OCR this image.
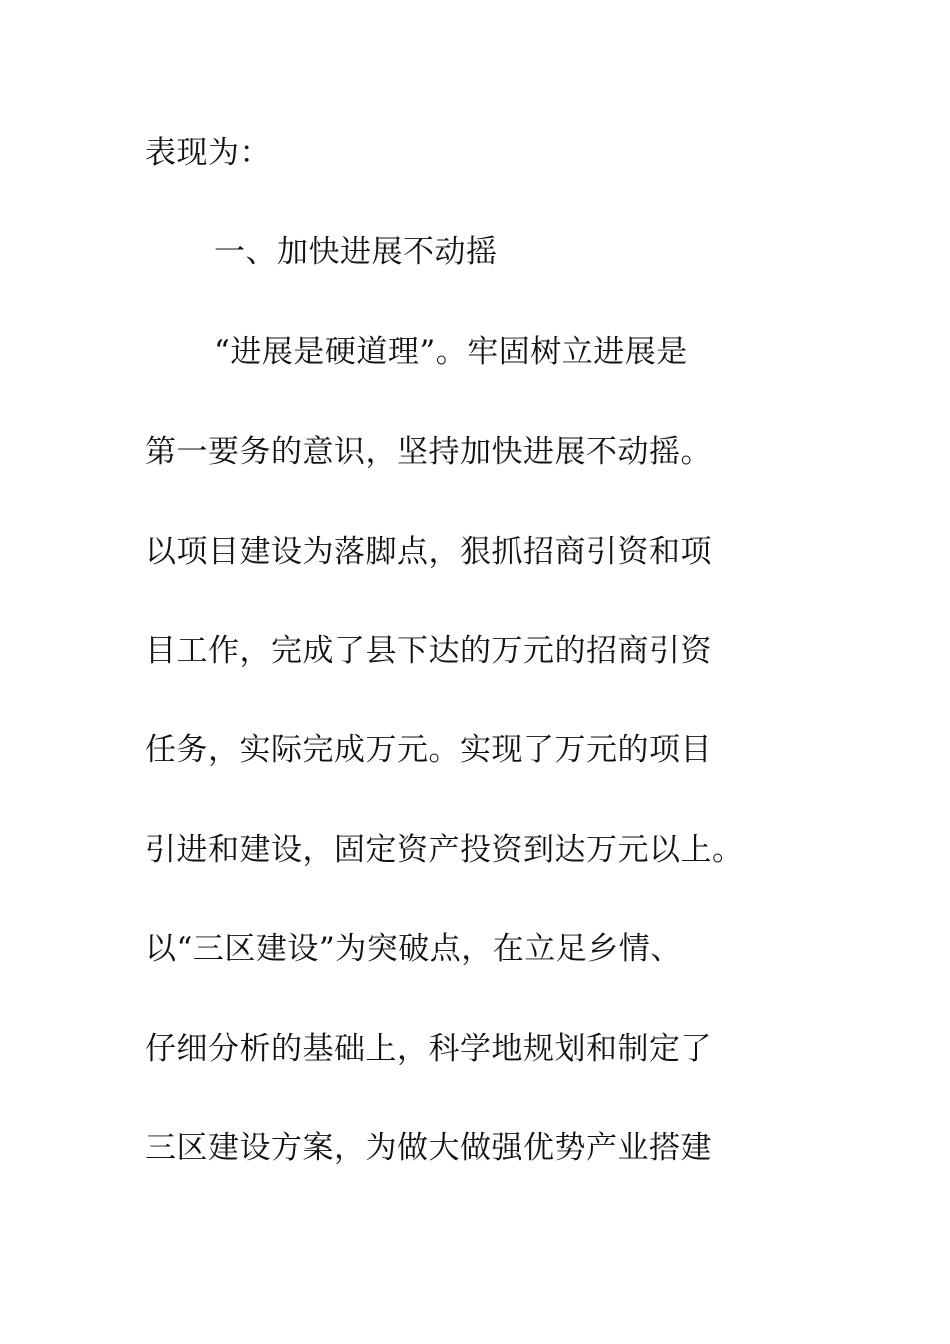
表现为：
一、加快进展不动摇
“进展是硬道理”。牢固树立进展是
第一要务的意识，坚持加快进展不动摇。
以项目建设为落脚点，狠抓招商引资和项
目工作，完成了县下达的万元的招商引资
任务，实际完成万元。实现了万元的项目
引进和建设，固定资产投资到达万元以上。
以“三区建设”为突破点，在立足乡情、
仔细分析的基础上，科学地规划和制定了
三区建设方案，为做大做强优势产业搭建
